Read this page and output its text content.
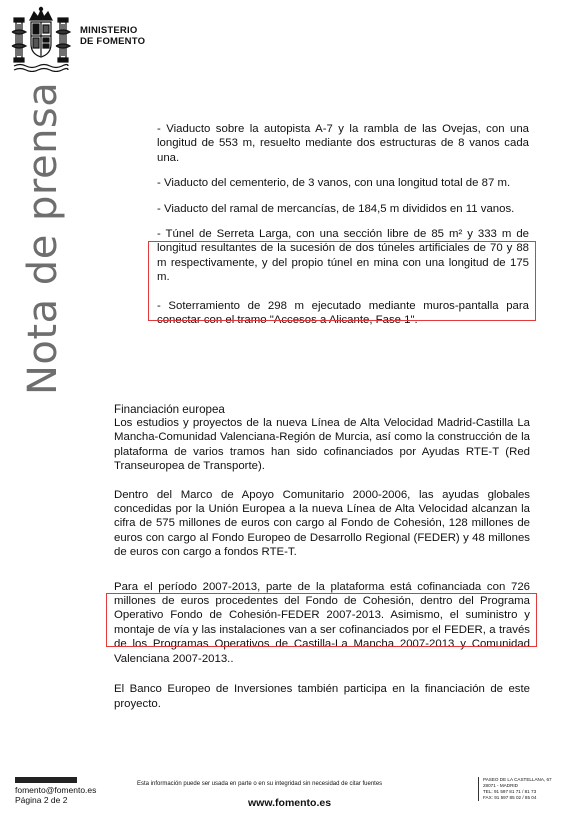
MINISTERIO
DE FOMENTO
Nota de prensa	- Viaducto sobre la autopista A-7 y la rambla de las Ovejas, con una longitud de 553 m, resuelto mediante dos estructuras de 8 vanos cada una.

- Viaducto del cementerio, de 3 vanos, con una longitud total de 87 m.

- Viaducto del ramal de mercancías, de 184,5 m divididos en 11 vanos.

- Túnel de Serreta Larga, con una sección libre de 85 m² y 333 m de longitud resultantes de la sucesión de dos túneles artificiales de 70 y 88 m respectivamente, y del propio túnel en mina con una longitud de 175 m.

- Soterramiento de 298 m ejecutado mediante muros-pantalla para conectar con el tramo "Accesos a Alicante, Fase 1".

Financiación europea

Los estudios y proyectos de la nueva Línea de Alta Velocidad Madrid-Castilla La Mancha-Comunidad Valenciana-Región de Murcia, así como la construcción de la plataforma de varios tramos han sido cofinanciados por Ayudas RTE-T (Red Transeuropea de Transporte).

Dentro del Marco de Apoyo Comunitario 2000-2006, las ayudas globales concedidas por la Unión Europea a la nueva Línea de Alta Velocidad alcanzan la cifra de 575 millones de euros con cargo al Fondo de Cohesión, 128 millones de euros con cargo al Fondo Europeo de Desarrollo Regional (FEDER) y 48 millones de euros con cargo a fondos RTE-T.

Para el período 2007-2013, parte de la plataforma está cofinanciada con 726 millones de euros procedentes del Fondo de Cohesión, dentro del Programa Operativo Fondo de Cohesión-FEDER 2007-2013. Asimismo, el suministro y montaje de vía y las instalaciones van a ser cofinanciados por el FEDER, a través de los Programas Operativos de Castilla-La Mancha 2007-2013 y Comunidad Valenciana 2007-2013..

El Banco Europeo de Inversiones también participa en la financiación de este proyecto.

fomento@fomento.es
Página 2 de 2
Esta información puede ser usada en parte o en su integridad sin necesidad de citar fuentes
www.fomento.es
PASEO DE LA CASTELLANA, 67
28071 - MADRID
TEL: 91 597 81 71 / 81 73
FAX: 91 597 85 02 / 85 04
